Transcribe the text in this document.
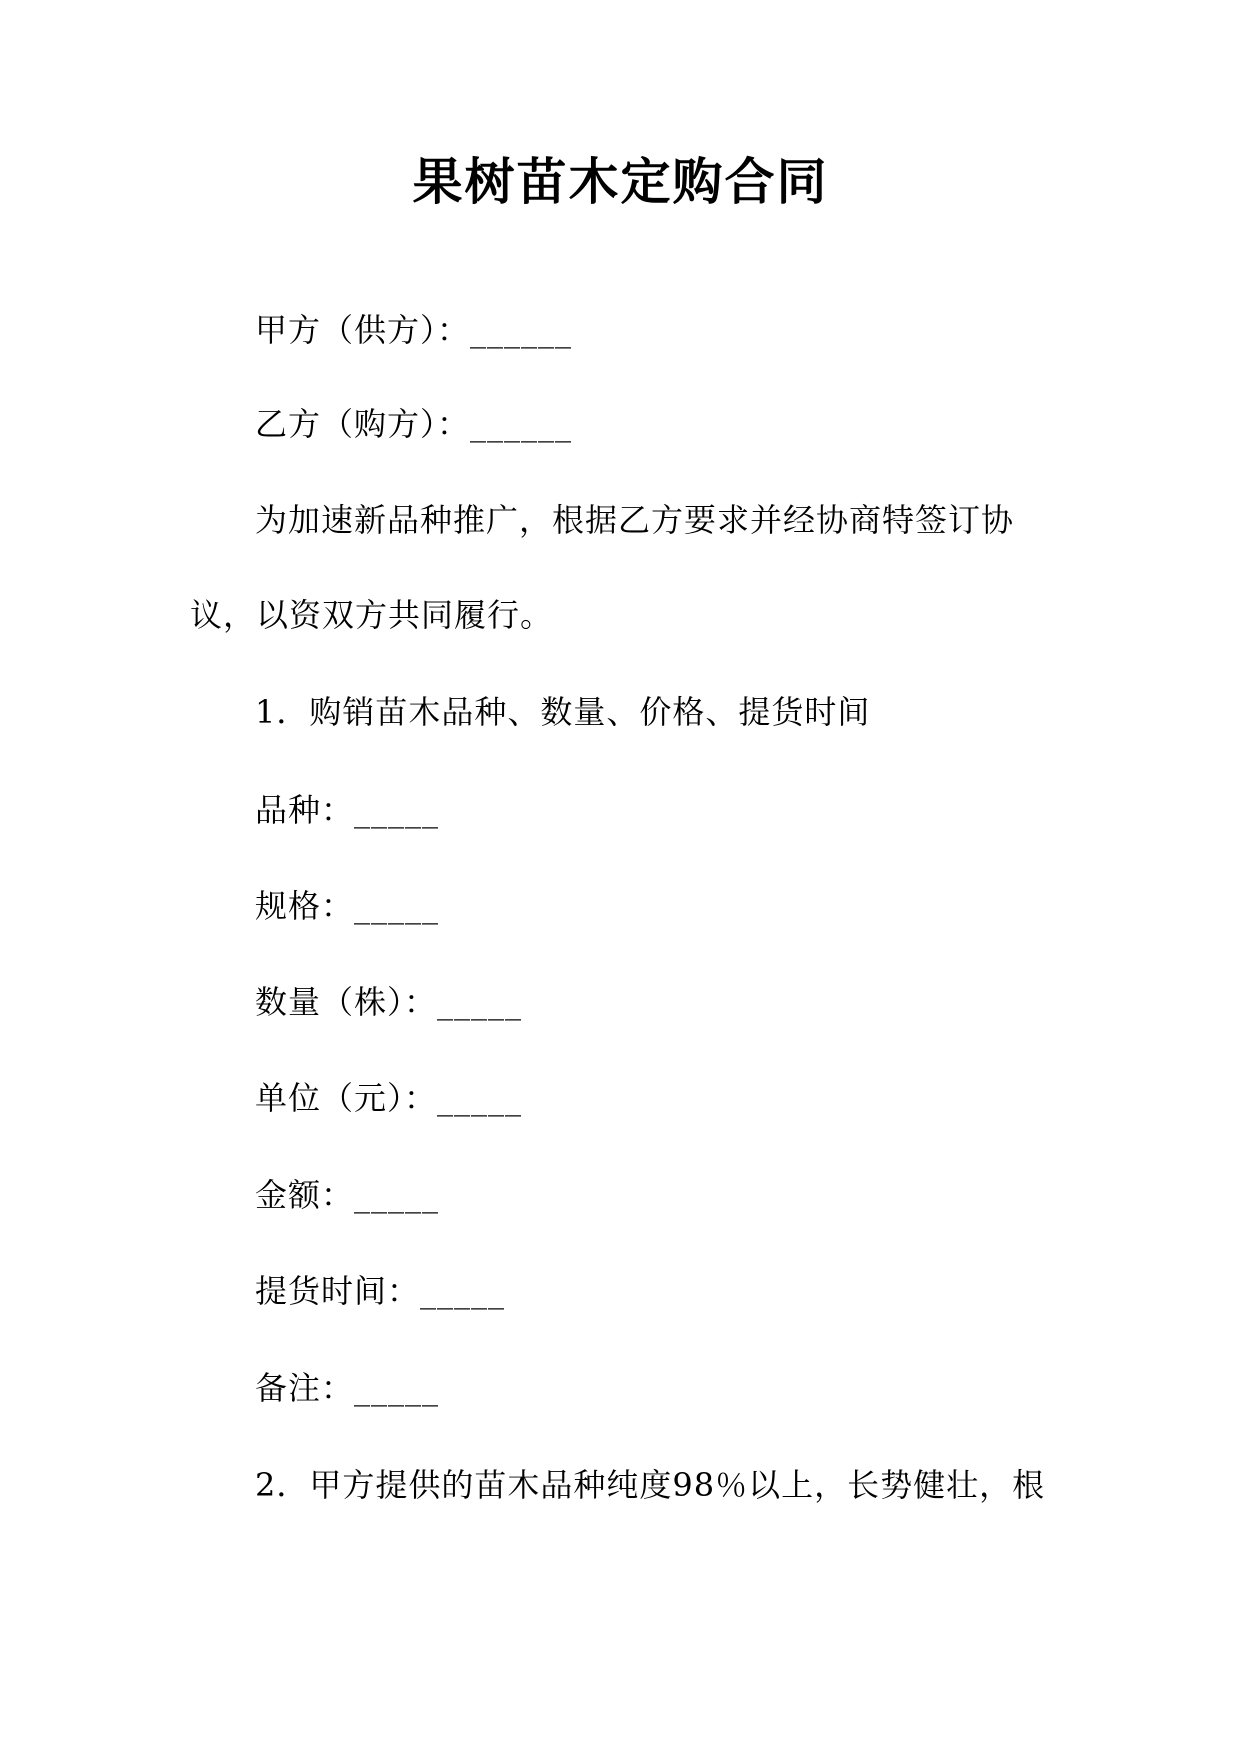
果树苗木定购合同
甲方（供方）：______
乙方（购方）：______
为加速新品种推广，根据乙方要求并经协商特签订协
议，以资双方共同履行。
1．购销苗木品种、数量、价格、提货时间
品种：_____
规格：_____
数量（株）：_____
单位（元）：_____
金额：_____
提货时间：_____
备注：_____
2．甲方提供的苗木品种纯度98％以上，长势健壮，根
